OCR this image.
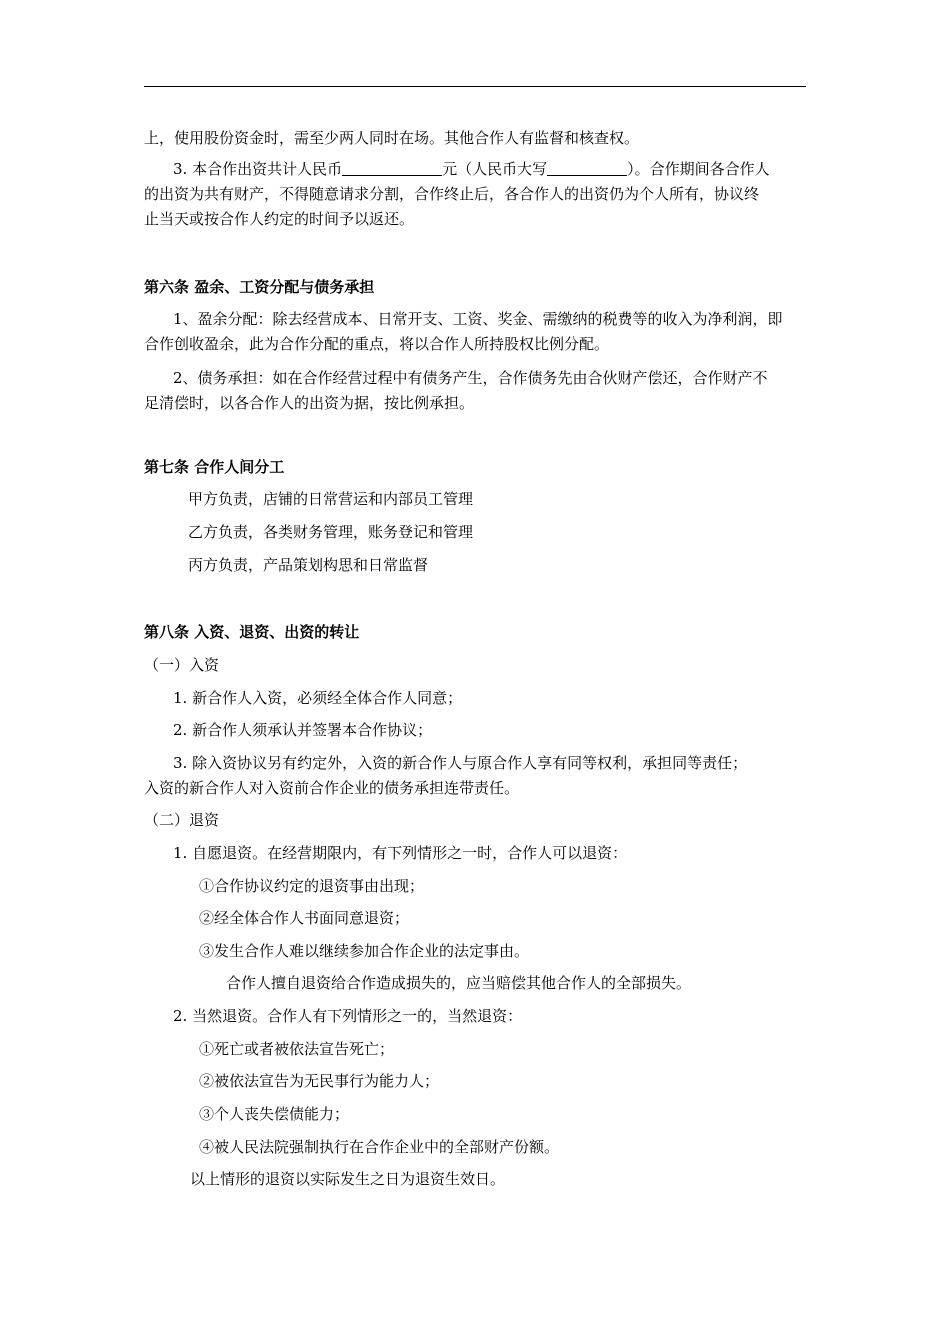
上，使用股份资金时，需至少两人同时在场。其他合作人有监督和核查权。
3. 本合作出资共计人民币	元（人民币大写	）。合作期间各合作人
的出资为共有财产，不得随意请求分割，合作终止后，各合作人的出资仍为个人所有，协议终
止当天或按合作人约定的时间予以返还。
第六条 盈余、工资分配与债务承担
1、盈余分配：除去经营成本、日常开支、工资、奖金、需缴纳的税费等的收入为净利润，即
合作创收盈余，此为合作分配的重点，将以合作人所持股权比例分配。
2、债务承担：如在合作经营过程中有债务产生，合作债务先由合伙财产偿还，合作财产不
足清偿时，以各合作人的出资为据，按比例承担。
第七条 合作人间分工
甲方负责，店铺的日常营运和内部员工管理
乙方负责，各类财务管理，账务登记和管理
丙方负责，产品策划构思和日常监督
第八条 入资、退资、出资的转让
（一）入资
1. 新合作人入资，必须经全体合作人同意；
2. 新合作人须承认并签署本合作协议；
3. 除入资协议另有约定外，入资的新合作人与原合作人享有同等权利，承担同等责任；
入资的新合作人对入资前合作企业的债务承担连带责任。
（二）退资
1. 自愿退资。在经营期限内，有下列情形之一时，合作人可以退资：
①合作协议约定的退资事由出现；
②经全体合作人书面同意退资；
③发生合作人难以继续参加合作企业的法定事由。
合作人擅自退资给合作造成损失的，应当赔偿其他合作人的全部损失。
2. 当然退资。合作人有下列情形之一的，当然退资：
①死亡或者被依法宣告死亡；
②被依法宣告为无民事行为能力人；
③个人丧失偿债能力；
④被人民法院强制执行在合作企业中的全部财产份额。
以上情形的退资以实际发生之日为退资生效日。
